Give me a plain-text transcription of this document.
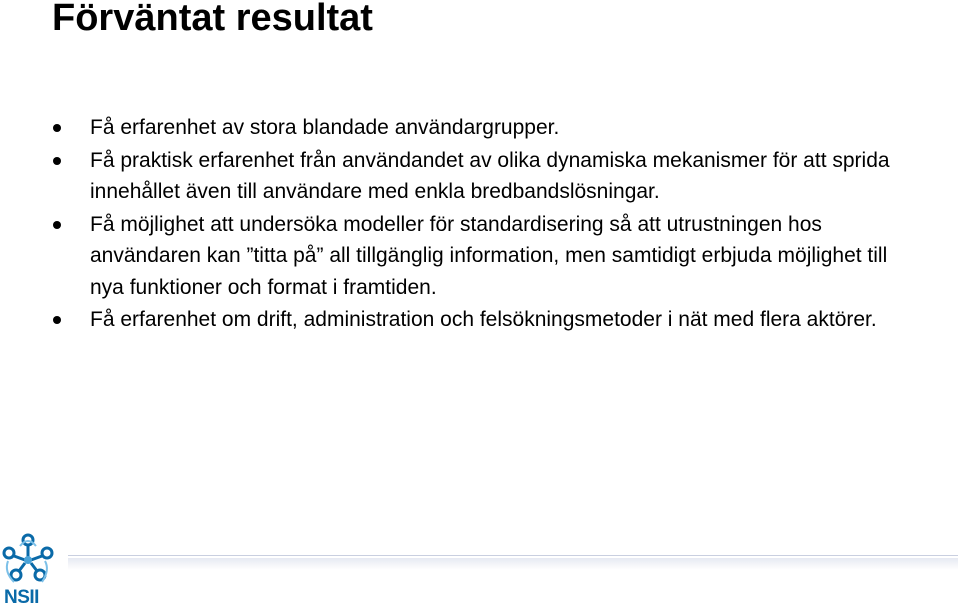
Förväntat resultat
Få erfarenhet av stora blandade användargrupper.
Få praktisk erfarenhet från användandet av olika dynamiska mekanismer för att sprida innehållet även till användare med enkla bredbandslösningar.
Få möjlighet att undersöka modeller för standardisering så att utrustningen hos användaren kan ”titta på” all tillgänglig information, men samtidigt erbjuda möjlighet till nya funktioner och format i framtiden.
Få erfarenhet om drift, administration och felsökningsmetoder i nät med flera aktörer.
NSII
